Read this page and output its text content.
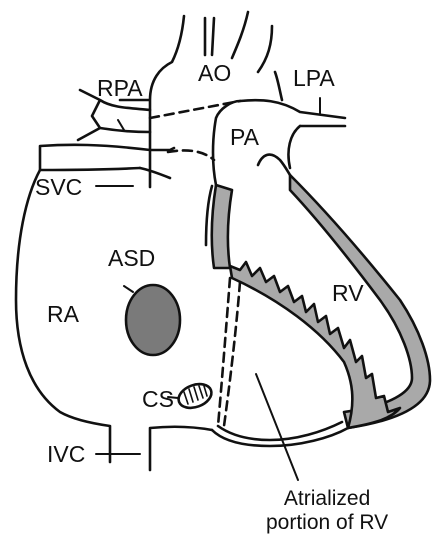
AO
RPA	LPA
PA
SVC
ASD
RA
RV
CS
IVC
Atrialized
portion of RV
